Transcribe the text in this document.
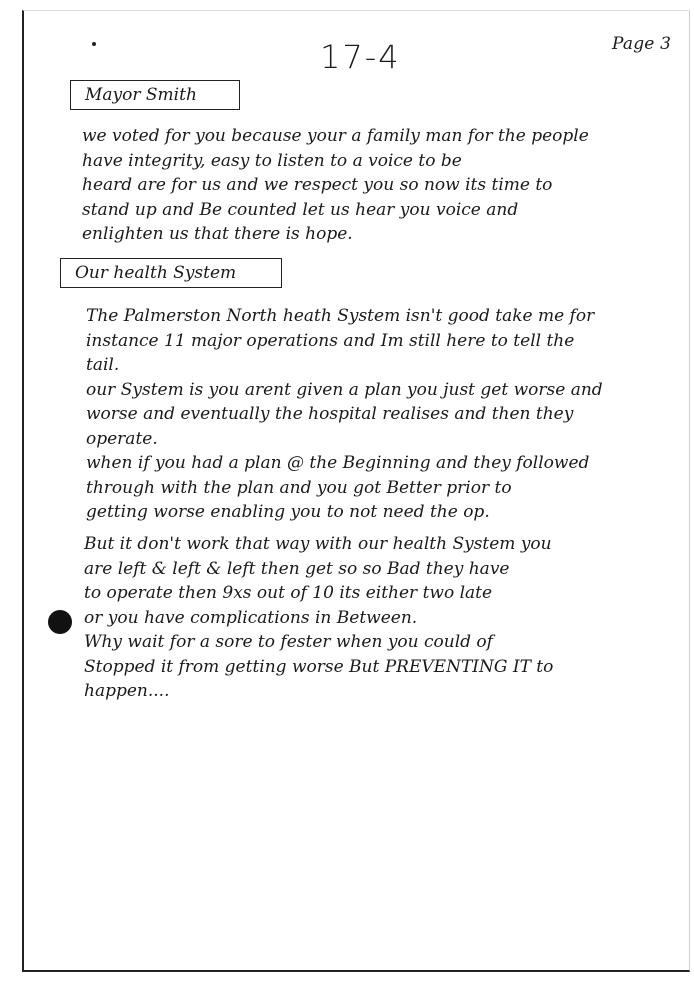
17-4	Page 3
Mayor Smith
we voted for you because your a family man for the people
have integrity, easy to listen to a voice to be
heard are for us and we respect you so now its time to
stand up and Be counted let us hear you voice and
enlighten us that there is hope.
Our health System
The Palmerston North heath System isn't good take me for
instance 11 major operations and Im still here to tell the
tail.
our System is you arent given a plan you just get worse and
worse and eventually the hospital realises and then they
operate.
when if you had a plan @ the Beginning and they followed
through with the plan and you got Better prior to
getting worse enabling you to not need the op.
But it don't work that way with our health System you
are left & left & left then get so so Bad they have
to operate then 9xs out of 10 its either two late
or you have complications in Between.
Why wait for a sore to fester when you could of
Stopped it from getting worse But PREVENTING IT to
happen....
